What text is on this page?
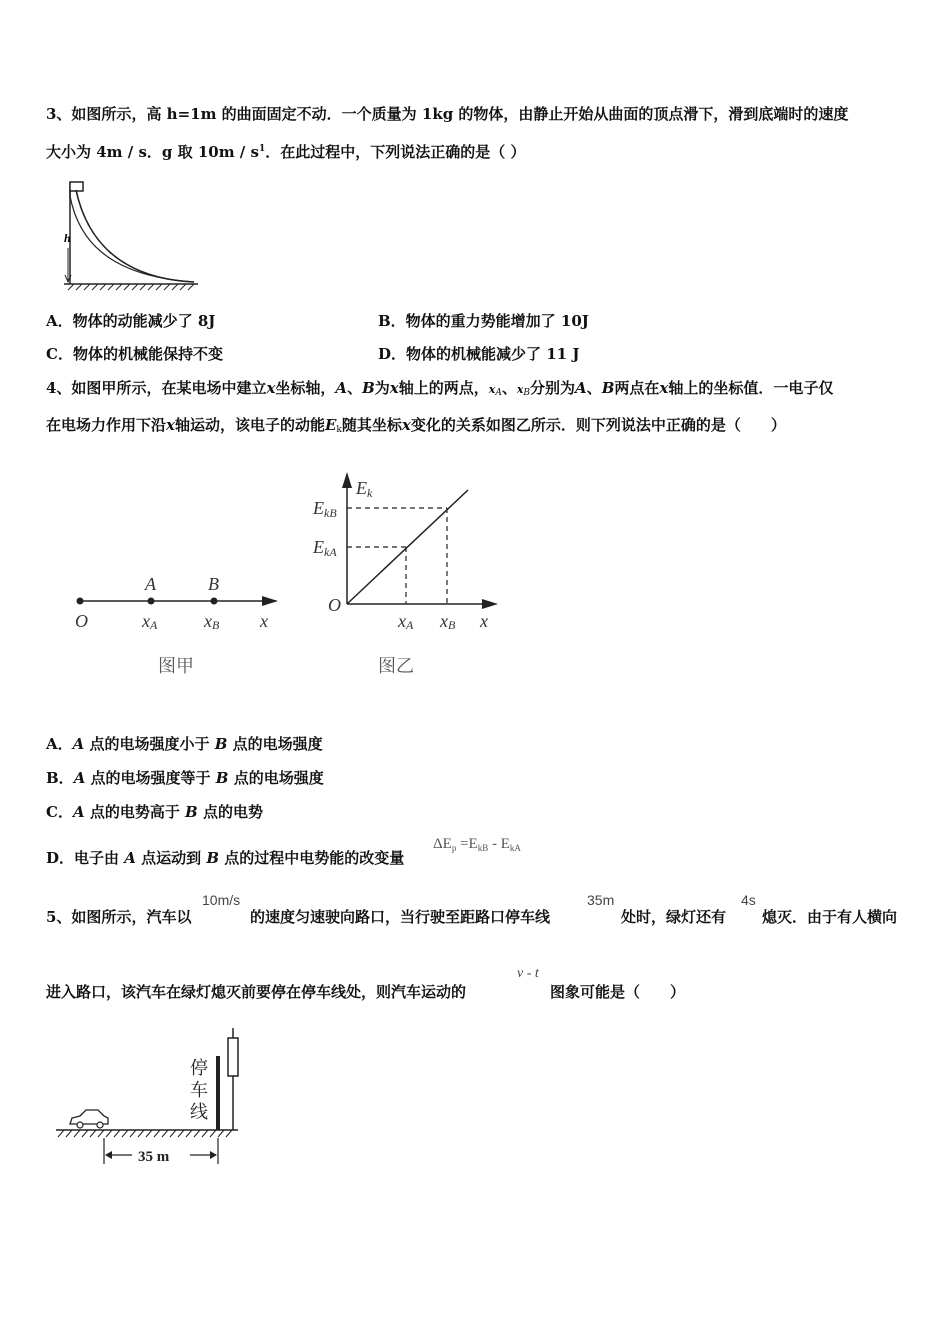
3、如图所示，高 h=1m 的曲面固定不动．一个质量为 1kg 的物体，由静止开始从曲面的顶点滑下，滑到底端时的速度
大小为 4m / s．g 取 $10m / s^1$．在此过程中，下列说法正确的是（ ）
h
A．物体的动能减少了 8J	B．物体的重力势能增加了 10J
C．物体的机械能保持不变	D．物体的机械能减少了 11 J
4、如图甲所示，在某电场中建立x坐标轴，A、B为x轴上的两点，xA、xB分别为A、B两点在x轴上的坐标值．一电子仅
在电场力作用下沿x轴运动，该电子的动能Ek随其坐标x变化的关系如图乙所示．则下列说法中正确的是（　　）
A	B
O	xA	xB x
图甲
Ek
EkB
EkA
O
xA xB x
图乙
A．A 点的电场强度小于 B 点的电场强度
B．A 点的电场强度等于 B 点的电场强度
C．A 点的电势高于 B 点的电势
D．电子由 A 点运动到 B 点的过程中电势能的改变量
$\Delta E_p =E_{kB} - E_{kA}$
5、如图所示，汽车以
10m/s
的速度匀速驶向路口，当行驶至距路口停车线
35m
处时，绿灯还有
4s
熄灭．由于有人横向
进入路口，该汽车在绿灯熄灭前要停在停车线处，则汽车运动的
v - t
图象可能是（　　）
停
车
线
35 m
